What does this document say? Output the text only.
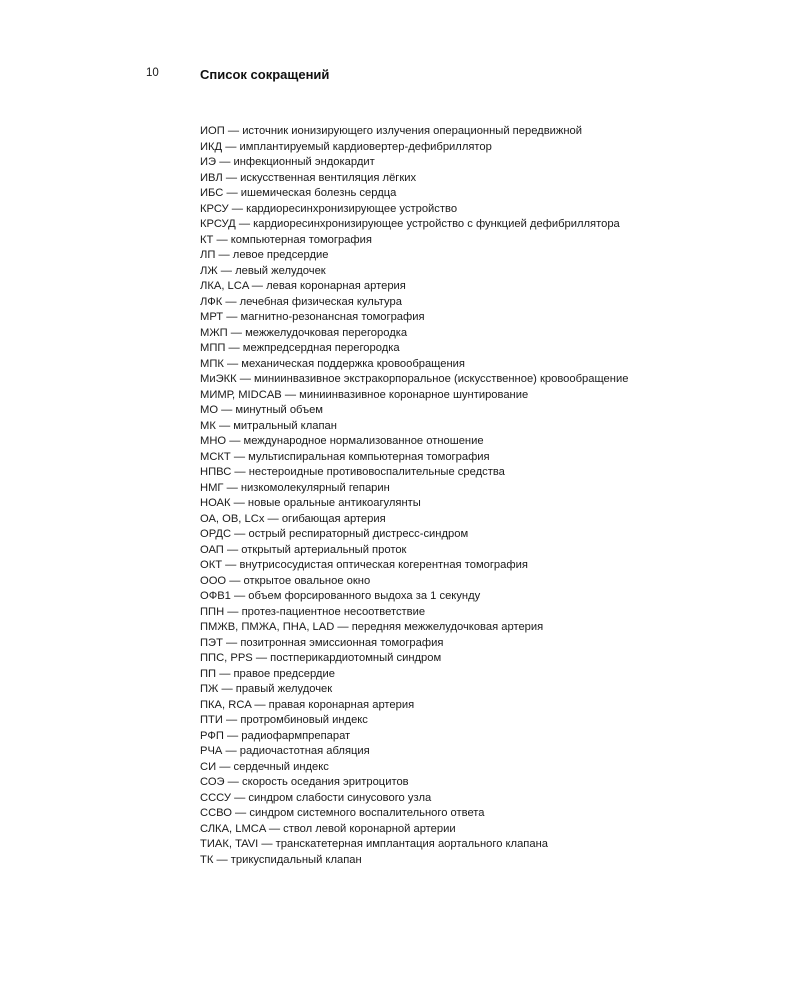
10	Список сокращений
ИОП — источник ионизирующего излучения операционный передвижной
ИКД — имплантируемый кардиовертер-дефибриллятор
ИЭ — инфекционный эндокардит
ИВЛ — искусственная вентиляция лёгких
ИБС — ишемическая болезнь сердца
КРСУ — кардиоресинхронизирующее устройство
КРСУД — кардиоресинхронизирующее устройство с функцией дефибриллятора
КТ — компьютерная томография
ЛП — левое предсердие
ЛЖ — левый желудочек
ЛКА, LCA — левая коронарная артерия
ЛФК — лечебная физическая культура
МРТ — магнитно-резонансная томография
МЖП — межжелудочковая перегородка
МПП — межпредсердная перегородка
МПК — механическая поддержка кровообращения
МиЭКК — миниинвазивное экстракорпоральное (искусственное) кровообращение
МИМР, MIDCAB — миниинвазивное коронарное шунтирование
МО — минутный объем
МК — митральный клапан
МНО — международное нормализованное отношение
МСКТ — мультиспиральная компьютерная томография
НПВС — нестероидные противовоспалительные средства
НМГ — низкомолекулярный гепарин
НОАК — новые оральные антикоагулянты
ОА, OB, LCx — огибающая артерия
ОРДС — острый респираторный дистресс-синдром
ОАП — открытый артериальный проток
ОКТ — внутрисосудистая оптическая когерентная томография
ООО — открытое овальное окно
ОФВ1 — объем форсированного выдоха за 1 секунду
ППН — протез-пациентное несоответствие
ПМЖВ, ПМЖА, ПНА, LAD — передняя межжелудочковая артерия
ПЭТ — позитронная эмиссионная томография
ППС, PPS — постперикардиотомный синдром
ПП — правое предсердие
ПЖ — правый желудочек
ПКА, RCA — правая коронарная артерия
ПТИ — протромбиновый индекс
РФП — радиофармпрепарат
РЧА — радиочастотная абляция
СИ — сердечный индекс
СОЭ — скорость оседания эритроцитов
СССУ — синдром слабости синусового узла
ССВО — синдром системного воспалительного ответа
СЛКА, LMCA — ствол левой коронарной артерии
ТИАК, TAVI — транскатетерная имплантация аортального клапана
ТК — трикуспидальный клапан
